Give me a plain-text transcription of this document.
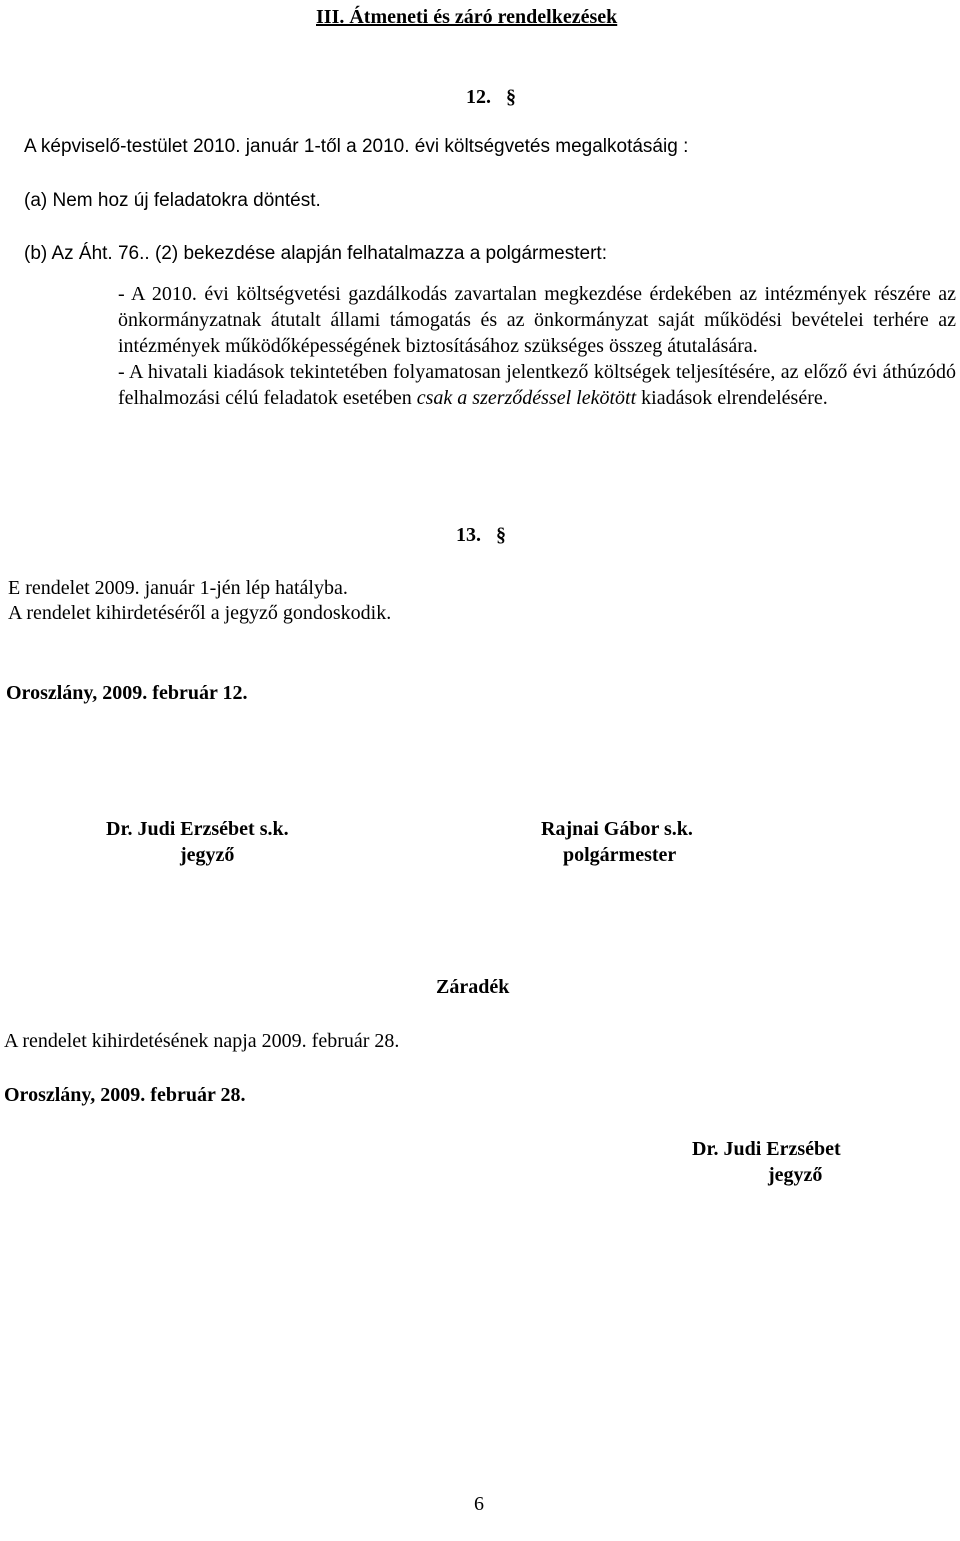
III. Átmeneti és záró rendelkezések
12. §
A képviselő-testület 2010. január 1-től a 2010. évi költségvetés megalkotásáig :
(a) Nem hoz új feladatokra döntést.
(b) Az Áht. 76.. (2) bekezdése alapján felhatalmazza a polgármestert:
- A 2010. évi költségvetési gazdálkodás zavartalan megkezdése érdekében az intézmények részére az önkormányzatnak átutalt állami támogatás és az önkormányzat saját működési bevételei terhére az intézmények működőképességének biztosításához szükséges összeg átutalására.
- A hivatali kiadások tekintetében folyamatosan jelentkező költségek teljesítésére, az előző évi áthúzódó felhalmozási célú feladatok esetében csak a szerződéssel lekötött kiadások elrendelésére.
13. §
E rendelet 2009. január 1-jén lép hatályba.
A rendelet kihirdetéséről a jegyző gondoskodik.
Oroszlány, 2009. február 12.
Dr. Judi Erzsébet s.k.
jegyző
Rajnai Gábor s.k.
polgármester
Záradék
A rendelet kihirdetésének napja 2009. február 28.
Oroszlány, 2009. február 28.
Dr. Judi Erzsébet
jegyző
6
